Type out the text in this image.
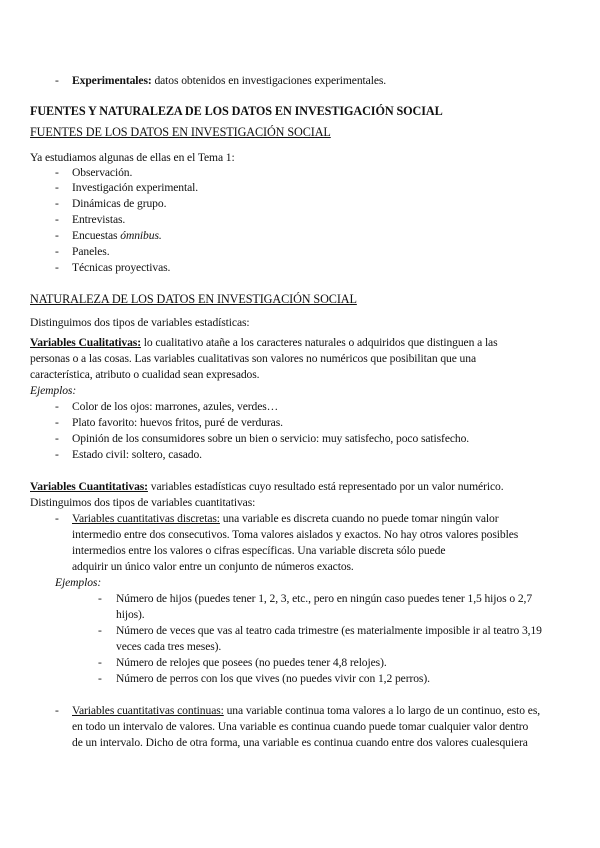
- Experimentales: datos obtenidos en investigaciones experimentales.
FUENTES Y NATURALEZA DE LOS DATOS EN INVESTIGACIÓN SOCIAL
FUENTES DE LOS DATOS EN INVESTIGACIÓN SOCIAL
Ya estudiamos algunas de ellas en el Tema 1:
- Observación.
- Investigación experimental.
- Dinámicas de grupo.
- Entrevistas.
- Encuestas ómnibus.
- Paneles.
- Técnicas proyectivas.
NATURALEZA DE LOS DATOS EN INVESTIGACIÓN SOCIAL
Distinguimos dos tipos de variables estadísticas:
Variables Cualitativas: lo cualitativo atañe a los caracteres naturales o adquiridos que distinguen a las
personas o a las cosas. Las variables cualitativas son valores no numéricos que posibilitan que una
característica, atributo o cualidad sean expresados.
Ejemplos:
- Color de los ojos: marrones, azules, verdes…
- Plato favorito: huevos fritos, puré de verduras.
- Opinión de los consumidores sobre un bien o servicio: muy satisfecho, poco satisfecho.
- Estado civil: soltero, casado.
Variables Cuantitativas: variables estadísticas cuyo resultado está representado por un valor numérico.
Distinguimos dos tipos de variables cuantitativas:
- Variables cuantitativas discretas: una variable es discreta cuando no puede tomar ningún valor
intermedio entre dos consecutivos. Toma valores aislados y exactos. No hay otros valores posibles
intermedios entre los valores o cifras específicas. Una variable discreta sólo puede
adquirir un único valor entre un conjunto de números exactos.
Ejemplos:
- Número de hijos (puedes tener 1, 2, 3, etc., pero en ningún caso puedes tener 1,5 hijos o 2,7
hijos).
- Número de veces que vas al teatro cada trimestre (es materialmente imposible ir al teatro 3,19
veces cada tres meses).
- Número de relojes que posees (no puedes tener 4,8 relojes).
- Número de perros con los que vives (no puedes vivir con 1,2 perros).
- Variables cuantitativas continuas: una variable continua toma valores a lo largo de un continuo, esto es,
en todo un intervalo de valores. Una variable es continua cuando puede tomar cualquier valor dentro
de un intervalo. Dicho de otra forma, una variable es continua cuando entre dos valores cualesquiera
